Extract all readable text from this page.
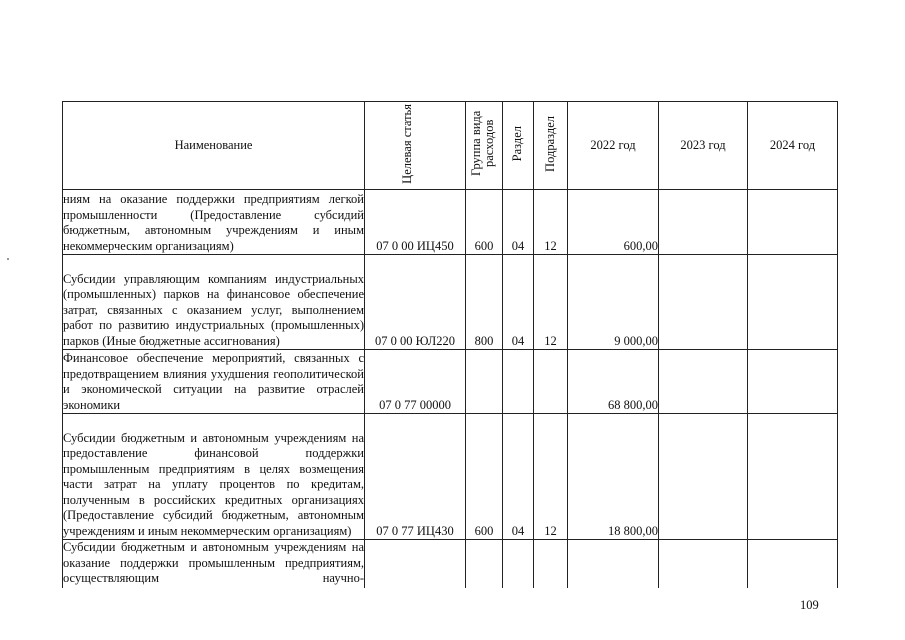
Наименование	Целевая статья	Группа вида расходов	Раздел	Подраздел	2022 год	2023 год	2024 год

ниям на оказание поддержки предприятиям легкой промышленности (Предоставление субсидий бюджетным, автономным учреждениям и иным некоммерческим организациям)	07 0 00 ИЦ450	600	04	12	600,00		

Субсидии управляющим компаниям индустриальных (промышленных) парков на финансовое обеспечение затрат, связанных с оказанием услуг, выполнением работ по развитию индустриальных (промышленных) парков (Иные бюджетные ассигнования)	07 0 00 ЮЛ220	800	04	12	9 000,00		

Финансовое обеспечение мероприятий, связанных с предотвращением влияния ухудшения геополитической и экономической ситуации на развитие отраслей экономики	07 0 77 00000				68 800,00		

Субсидии бюджетным и автономным учреждениям на предоставление финансовой поддержки промышленным предприятиям в целях возмещения части затрат на уплату процентов по кредитам, полученным в российских кредитных организациях (Предоставление субсидий бюджетным, автономным учреждениям и иным некоммерческим организациям)	07 0 77 ИЦ430	600	04	12	18 800,00		

Субсидии бюджетным и автономным учреждениям на оказание поддержки промышленным предприятиям, осуществляющим научно-							

109
